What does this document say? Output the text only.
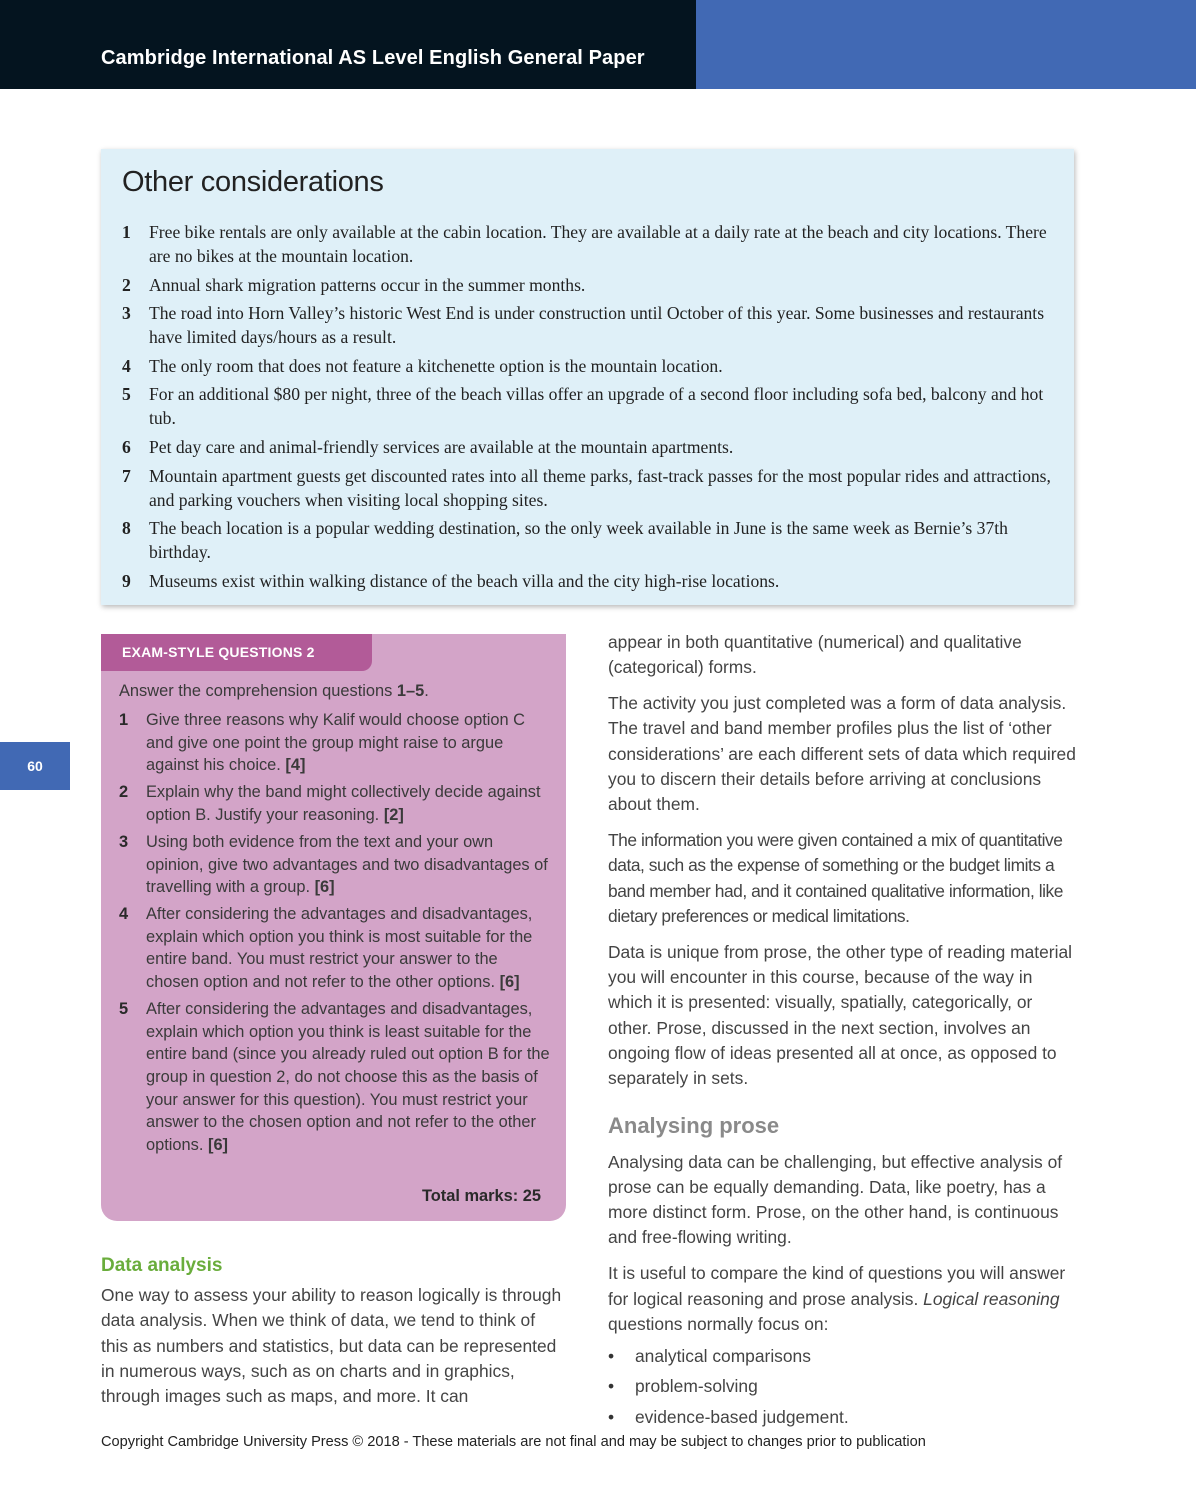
Cambridge International AS Level English General Paper
Other considerations
1 Free bike rentals are only available at the cabin location. They are available at a daily rate at the beach and city locations. There are no bikes at the mountain location.
2 Annual shark migration patterns occur in the summer months.
3 The road into Horn Valley’s historic West End is under construction until October of this year. Some businesses and restaurants have limited days/hours as a result.
4 The only room that does not feature a kitchenette option is the mountain location.
5 For an additional $80 per night, three of the beach villas offer an upgrade of a second floor including sofa bed, balcony and hot tub.
6 Pet day care and animal-friendly services are available at the mountain apartments.
7 Mountain apartment guests get discounted rates into all theme parks, fast-track passes for the most popular rides and attractions, and parking vouchers when visiting local shopping sites.
8 The beach location is a popular wedding destination, so the only week available in June is the same week as Bernie’s 37th birthday.
9 Museums exist within walking distance of the beach villa and the city high-rise locations.
60
EXAM-STYLE QUESTIONS 2
Answer the comprehension questions 1–5.
1 Give three reasons why Kalif would choose option C and give one point the group might raise to argue against his choice. [4]
2 Explain why the band might collectively decide against option B. Justify your reasoning. [2]
3 Using both evidence from the text and your own opinion, give two advantages and two disadvantages of travelling with a group. [6]
4 After considering the advantages and disadvantages, explain which option you think is most suitable for the entire band. You must restrict your answer to the chosen option and not refer to the other options. [6]
5 After considering the advantages and disadvantages, explain which option you think is least suitable for the entire band (since you already ruled out option B for the group in question 2, do not choose this as the basis of your answer for this question). You must restrict your answer to the chosen option and not refer to the other options. [6]
Total marks: 25
Data analysis
One way to assess your ability to reason logically is through data analysis. When we think of data, we tend to think of this as numbers and statistics, but data can be represented in numerous ways, such as on charts and in graphics, through images such as maps, and more. It can

appear in both quantitative (numerical) and qualitative (categorical) forms.

The activity you just completed was a form of data analysis. The travel and band member profiles plus the list of ‘other considerations’ are each different sets of data which required you to discern their details before arriving at conclusions about them.

The information you were given contained a mix of quantitative data, such as the expense of something or the budget limits a band member had, and it contained qualitative information, like dietary preferences or medical limitations.

Data is unique from prose, the other type of reading material you will encounter in this course, because of the way in which it is presented: visually, spatially, categorically, or other. Prose, discussed in the next section, involves an ongoing flow of ideas presented all at once, as opposed to separately in sets.

Analysing prose

Analysing data can be challenging, but effective analysis of prose can be equally demanding. Data, like poetry, has a more distinct form. Prose, on the other hand, is continuous and free-flowing writing.

It is useful to compare the kind of questions you will answer for logical reasoning and prose analysis. Logical reasoning questions normally focus on:

• analytical comparisons
• problem-solving
• evidence-based judgement.
Copyright Cambridge University Press © 2018 - These materials are not final and may be subject to changes prior to publication
